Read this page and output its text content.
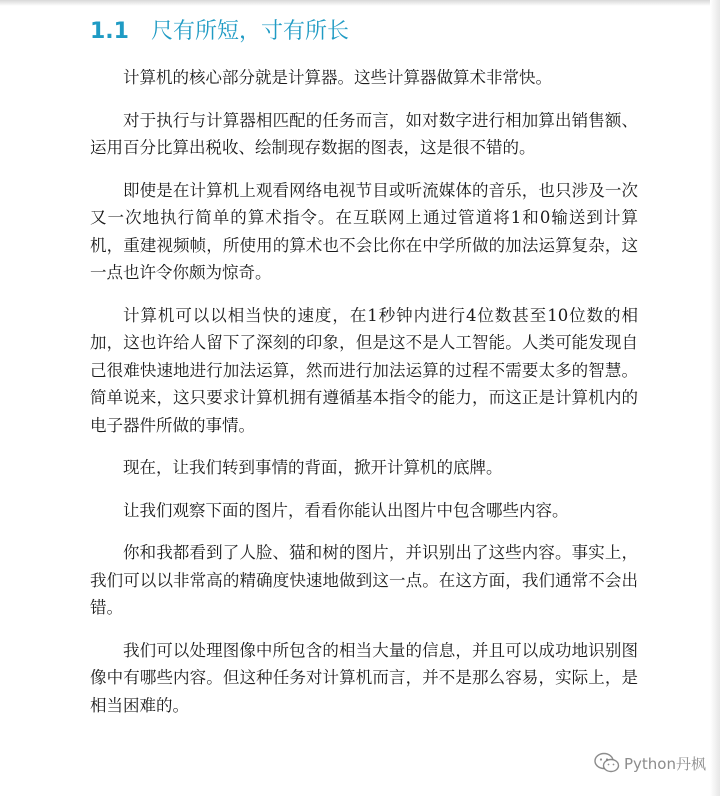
1.1 尺有所短，寸有所长

计算机的核心部分就是计算器。这些计算器做算术非常快。

对于执行与计算器相匹配的任务而言，如对数字进行相加算出销售额、运用百分比算出税收、绘制现存数据的图表，这是很不错的。

即使是在计算机上观看网络电视节目或听流媒体的音乐，也只涉及一次又一次地执行简单的算术指令。在互联网上通过管道将1和0输送到计算机，重建视频帧，所使用的算术也不会比你在中学所做的加法运算复杂，这一点也许令你颇为惊奇。

计算机可以以相当快的速度，在1秒钟内进行4位数甚至10位数的相加，这也许给人留下了深刻的印象，但是这不是人工智能。人类可能发现自己很难快速地进行加法运算，然而进行加法运算的过程不需要太多的智慧。简单说来，这只要求计算机拥有遵循基本指令的能力，而这正是计算机内的电子器件所做的事情。

现在，让我们转到事情的背面，掀开计算机的底牌。

让我们观察下面的图片，看看你能认出图片中包含哪些内容。

你和我都看到了人脸、猫和树的图片，并识别出了这些内容。事实上，我们可以以非常高的精确度快速地做到这一点。在这方面，我们通常不会出错。

我们可以处理图像中所包含的相当大量的信息，并且可以成功地识别图像中有哪些内容。但这种任务对计算机而言，并不是那么容易，实际上，是相当困难的。

Python丹枫
